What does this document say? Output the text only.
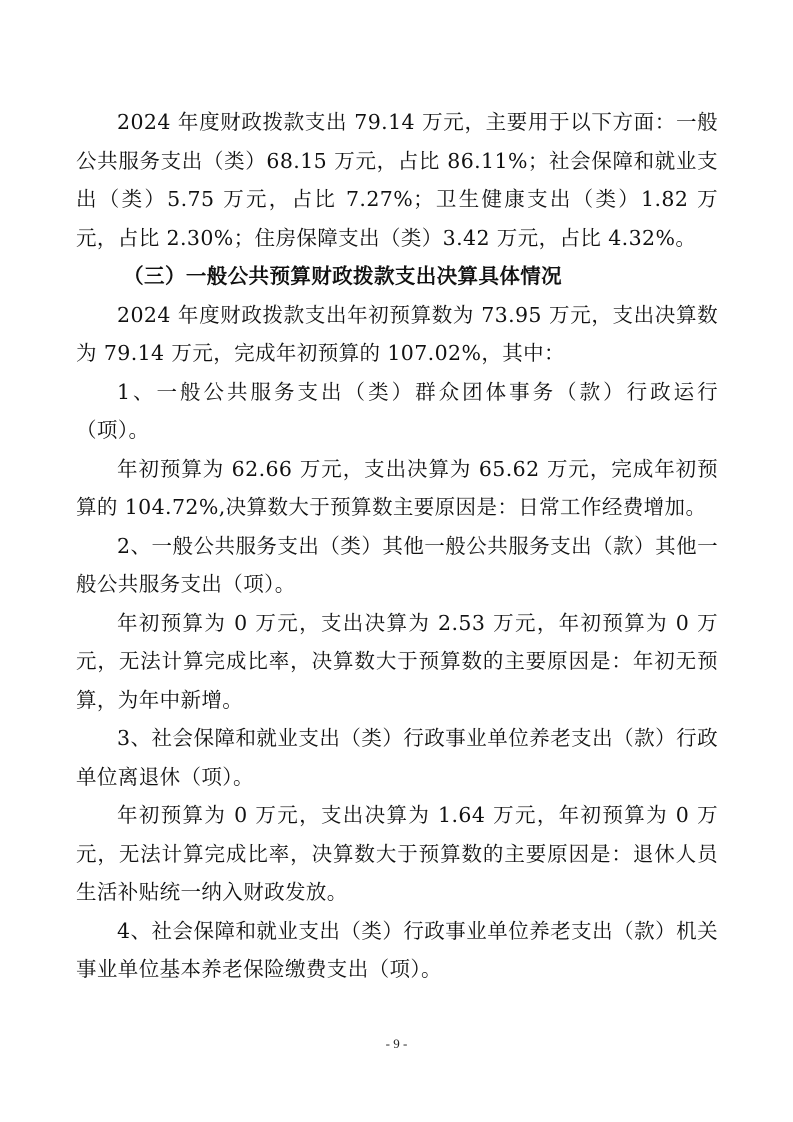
2024 年度财政拨款支出 79.14 万元，主要用于以下方面：一般公共服务支出（类）68.15 万元，占比 86.11%；社会保障和就业支出（类）5.75 万元，占比 7.27%；卫生健康支出（类）1.82 万元，占比 2.30%；住房保障支出（类）3.42 万元，占比 4.32%。

（三）一般公共预算财政拨款支出决算具体情况

2024 年度财政拨款支出年初预算数为 73.95 万元，支出决算数为 79.14 万元，完成年初预算的 107.02%，其中：

1、一般公共服务支出（类）群众团体事务（款）行政运行（项）。

年初预算为 62.66 万元，支出决算为 65.62 万元，完成年初预算的 104.72%,决算数大于预算数主要原因是：日常工作经费增加。

2、一般公共服务支出（类）其他一般公共服务支出（款）其他一般公共服务支出（项）。

年初预算为 0 万元，支出决算为 2.53 万元，年初预算为 0 万元，无法计算完成比率，决算数大于预算数的主要原因是：年初无预算，为年中新增。

3、社会保障和就业支出（类）行政事业单位养老支出（款）行政单位离退休（项）。

年初预算为 0 万元，支出决算为 1.64 万元，年初预算为 0 万元，无法计算完成比率，决算数大于预算数的主要原因是：退休人员生活补贴统一纳入财政发放。

4、社会保障和就业支出（类）行政事业单位养老支出（款）机关事业单位基本养老保险缴费支出（项）。

- 9 -
